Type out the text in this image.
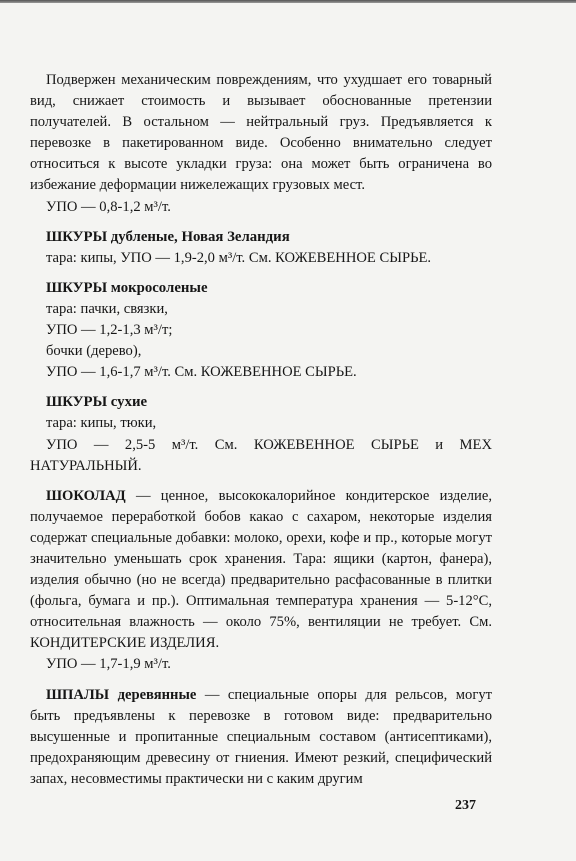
Подвержен механическим повреждениям, что ухудшает его товарный вид, снижает стоимость и вызывает обоснованные претензии получателей. В остальном — нейтральный груз. Предъявляется к перевозке в пакетированном виде. Особенно внимательно следует относиться к высоте укладки груза: она может быть ограничена во избежание деформации нижележащих грузовых мест.

УПО — 0,8-1,2 м³/т.

ШКУРЫ дубленые, Новая Зеландия

тара: кипы, УПО — 1,9-2,0 м³/т. См. КОЖЕВЕННОЕ СЫРЬЕ.

ШКУРЫ мокросоленые

тара: пачки, связки,

УПО — 1,2-1,3 м³/т;

бочки (дерево),

УПО — 1,6-1,7 м³/т. См. КОЖЕВЕННОЕ СЫРЬЕ.

ШКУРЫ сухие

тара: кипы, тюки,

УПО — 2,5-5 м³/т. См. КОЖЕВЕННОЕ СЫРЬЕ и МЕХ НАТУРАЛЬНЫЙ.

ШОКОЛАД — ценное, высококалорийное кондитерское изделие, получаемое переработкой бобов какао с сахаром, некоторые изделия содержат специальные добавки: молоко, орехи, кофе и пр., которые могут значительно уменьшать срок хранения. Тара: ящики (картон, фанера), изделия обычно (но не всегда) предварительно расфасованные в плитки (фольга, бумага и пр.). Оптимальная температура хранения — 5-12°С, относительная влажность — около 75%, вентиляции не требует. См. КОНДИТЕРСКИЕ ИЗДЕЛИЯ.

УПО — 1,7-1,9 м³/т.

ШПАЛЫ деревянные — специальные опоры для рельсов, могут быть предъявлены к перевозке в готовом виде: предварительно высушенные и пропитанные специальным составом (антисептиками), предохраняющим древесину от гниения. Имеют резкий, специфический запах, несовместимы практически ни с каким другим

237
